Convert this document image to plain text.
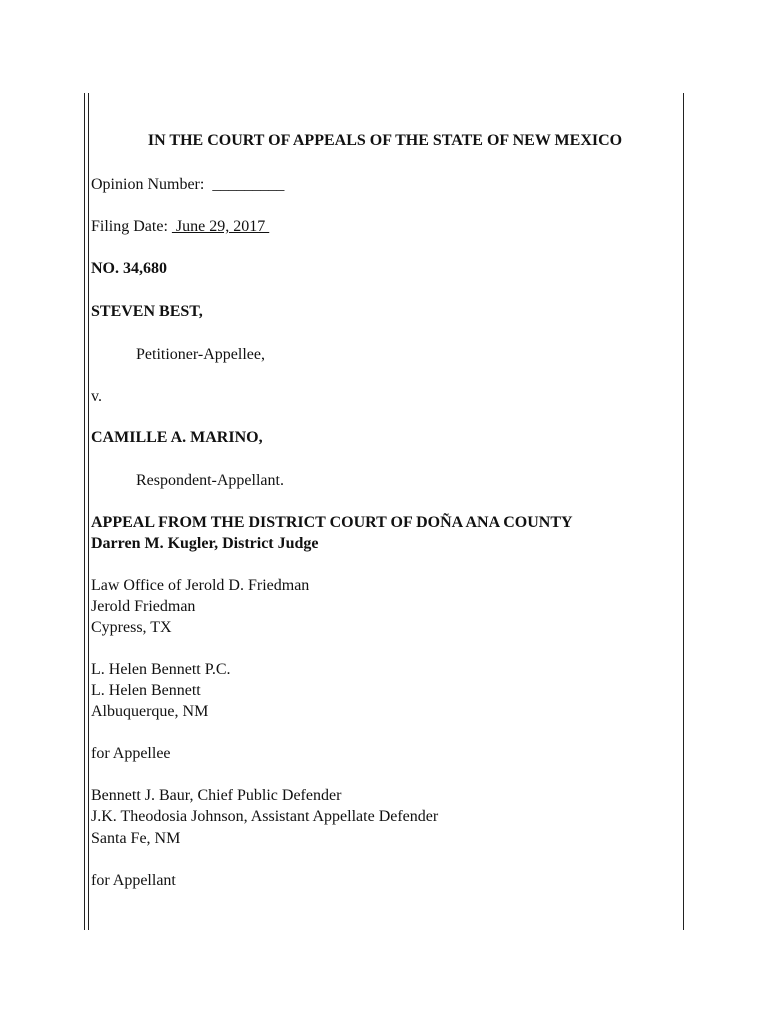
IN THE COURT OF APPEALS OF THE STATE OF NEW MEXICO
Opinion Number: _________
Filing Date:  June 29, 2017
NO. 34,680
STEVEN BEST,
Petitioner-Appellee,
v.
CAMILLE A. MARINO,
Respondent-Appellant.
APPEAL FROM THE DISTRICT COURT OF DOÑA ANA COUNTY
Darren M. Kugler, District Judge
Law Office of Jerold D. Friedman
Jerold Friedman
Cypress, TX
L. Helen Bennett P.C.
L. Helen Bennett
Albuquerque, NM
for Appellee
Bennett J. Baur, Chief Public Defender
J.K. Theodosia Johnson, Assistant Appellate Defender
Santa Fe, NM
for Appellant
